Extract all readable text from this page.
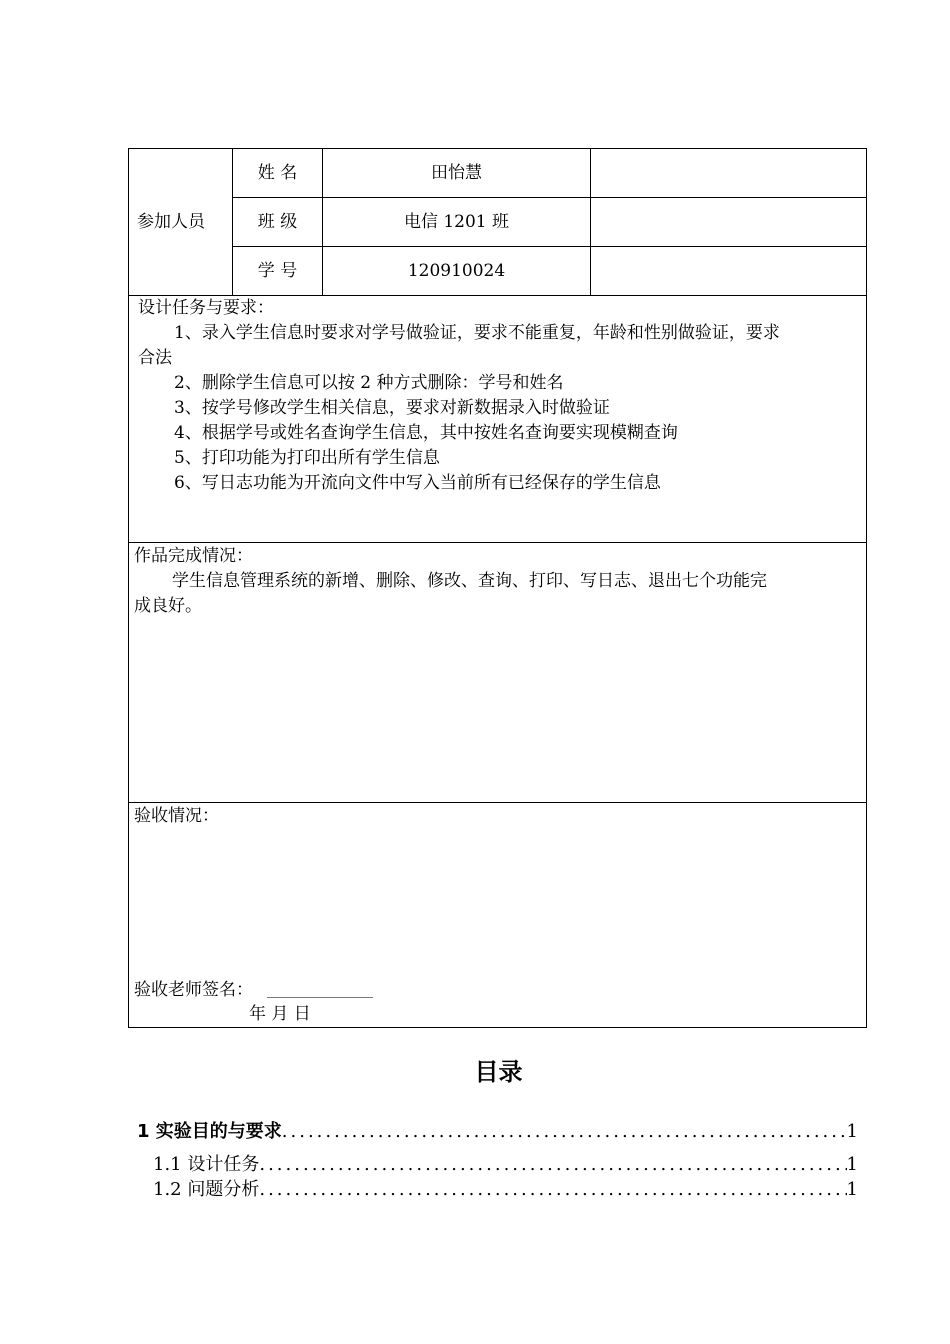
参加人员
姓 名	田怡慧
班 级	电信 1201 班
学 号	120910024
设计任务与要求：
1、录入学生信息时要求对学号做验证，要求不能重复，年龄和性别做验证，要求
合法
2、删除学生信息可以按 2 种方式删除：学号和姓名
3、按学号修改学生相关信息，要求对新数据录入时做验证
4、根据学号或姓名查询学生信息，其中按姓名查询要实现模糊查询
5、打印功能为打印出所有学生信息
6、写日志功能为开流向文件中写入当前所有已经保存的学生信息
作品完成情况：
学生信息管理系统的新增、删除、修改、查询、打印、写日志、退出七个功能完
成良好。
验收情况：
验收老师签名：
年 月 日
目录
1 实验目的与要求 .....	1
1.1 设计任务 .....	1
1.2 问题分析 .....	1
